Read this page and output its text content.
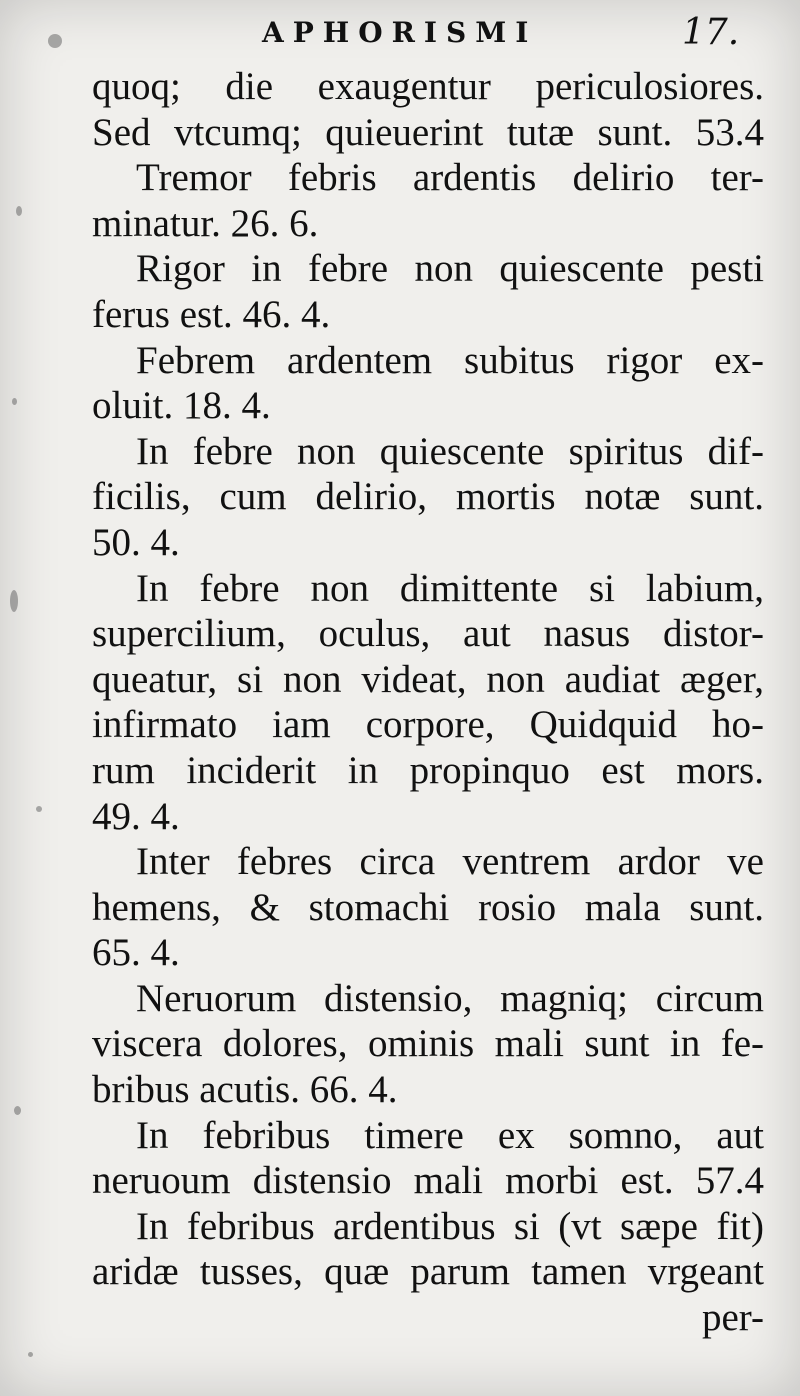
APHORISMI	17.
quoq; die exaugentur periculosiores.
Sed vtcumq; quieuerint tutæ sunt. 53.4
Tremor febris ardentis delirio ter-
minatur. 26. 6.
Rigor in febre non quiescente pesti
ferus est. 46. 4.
Febrem ardentem subitus rigor ex-
oluit. 18. 4.
In febre non quiescente spiritus dif-
ficilis, cum delirio, mortis notæ sunt.
50. 4.
In febre non dimittente si labium,
supercilium, oculus, aut nasus distor-
queatur, si non videat, non audiat æger,
infirmato iam corpore, Quidquid ho-
rum inciderit in propinquo est mors.
49. 4.
Inter febres circa ventrem ardor ve
hemens, & stomachi rosio mala sunt.
65. 4.
Neruorum distensio, magniq; circum
viscera dolores, ominis mali sunt in fe-
bribus acutis. 66. 4.
In febribus timere ex somno, aut
neruoum distensio mali morbi est. 57.4
In febribus ardentibus si (vt sæpe fit)
aridæ tusses, quæ parum tamen vrgeant
per-
